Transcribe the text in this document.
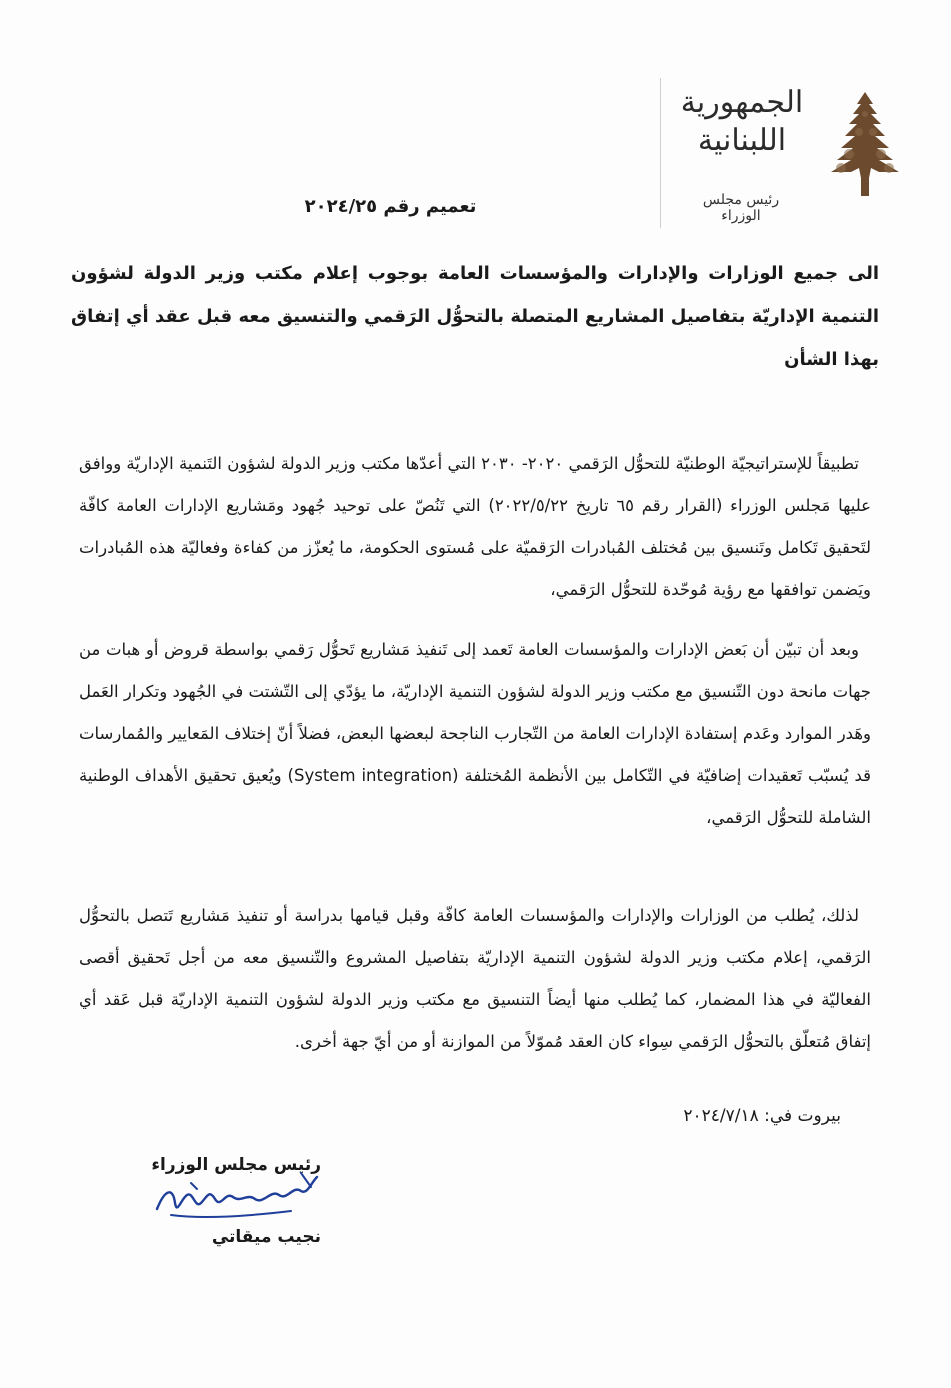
الجمهورية
اللبنانية
رئيس مجلس الوزراء
تعميم رقم ٢٠٢٤/٢٥
الى جميع الوزارات والإدارات والمؤسسات العامة بوجوب إعلام مكتب وزير الدولة لشؤون التنمية الإداريّة بتفاصيل المشاريع المتصلة بالتحوُّل الرَقمي والتنسيق معه قبل عقد أي إتفاق بهذا الشأن

تطبيقاً للإستراتيجيّة الوطنيّة للتحوُّل الرَقمي ٢٠٢٠- ٢٠٣٠ التي أعدّها مكتب وزير الدولة لشؤون التَنمية الإداريّة ووافق عليها مَجلس الوزراء (القرار رقم ٦٥ تاريخ ٢٠٢٢/٥/٢٢) التي تَنُصّ على توحيد جُهود ومَشاريع الإدارات العامة كافّة لتَحقيق تَكامل وتَنسيق بين مُختلف المُبادرات الرَقميّة على مُستوى الحكومة، ما يُعزّز من كفاءة وفعاليّة هذه المُبادرات ويَضمن توافقها مع رؤية مُوحّدة للتحوُّل الرَقمي،

وبعد أن تبيّن أن بَعض الإدارات والمؤسسات العامة تَعمد إلى تَنفيذ مَشاريع تَحوُّل رَقمي بواسطة قروض أو هبات من جهات مانحة دون التّنسيق مع مكتب وزير الدولة لشؤون التنمية الإداريّة، ما يؤدّي إلى التّشتت في الجُهود وتكرار العَمل وهَدر الموارد وعَدم إستفادة الإدارات العامة من التّجارب الناجحة لبعضها البعض، فضلاً أنّ إختلاف المَعايير والمُمارسات قد يُسبّب تَعقيدات إضافيّة في التّكامل بين الأنظمة المُختلفة (System integration) ويُعيق تحقيق الأهداف الوطنية الشاملة للتحوُّل الرَقمي،

لذلك، يُطلب من الوزارات والإدارات والمؤسسات العامة كافّة وقبل قيامها بدراسة أو تنفيذ مَشاريع تَتصل بالتحوُّل الرَقمي، إعلام مكتب وزير الدولة لشؤون التنمية الإداريّة بتفاصيل المشروع والتّنسيق معه من أجل تَحقيق أقصى الفعاليّة في هذا المضمار، كما يُطلب منها أيضاً التنسيق مع مكتب وزير الدولة لشؤون التنمية الإداريّة قبل عَقد أي إتفاق مُتعلّق بالتحوُّل الرَقمي سِواء كان العقد مُموّلاً من الموازنة أو من أيّ جهة أخرى.

بيروت في: ٢٠٢٤/٧/١٨
رئيس مجلس الوزراء
نجيب ميقاتي
